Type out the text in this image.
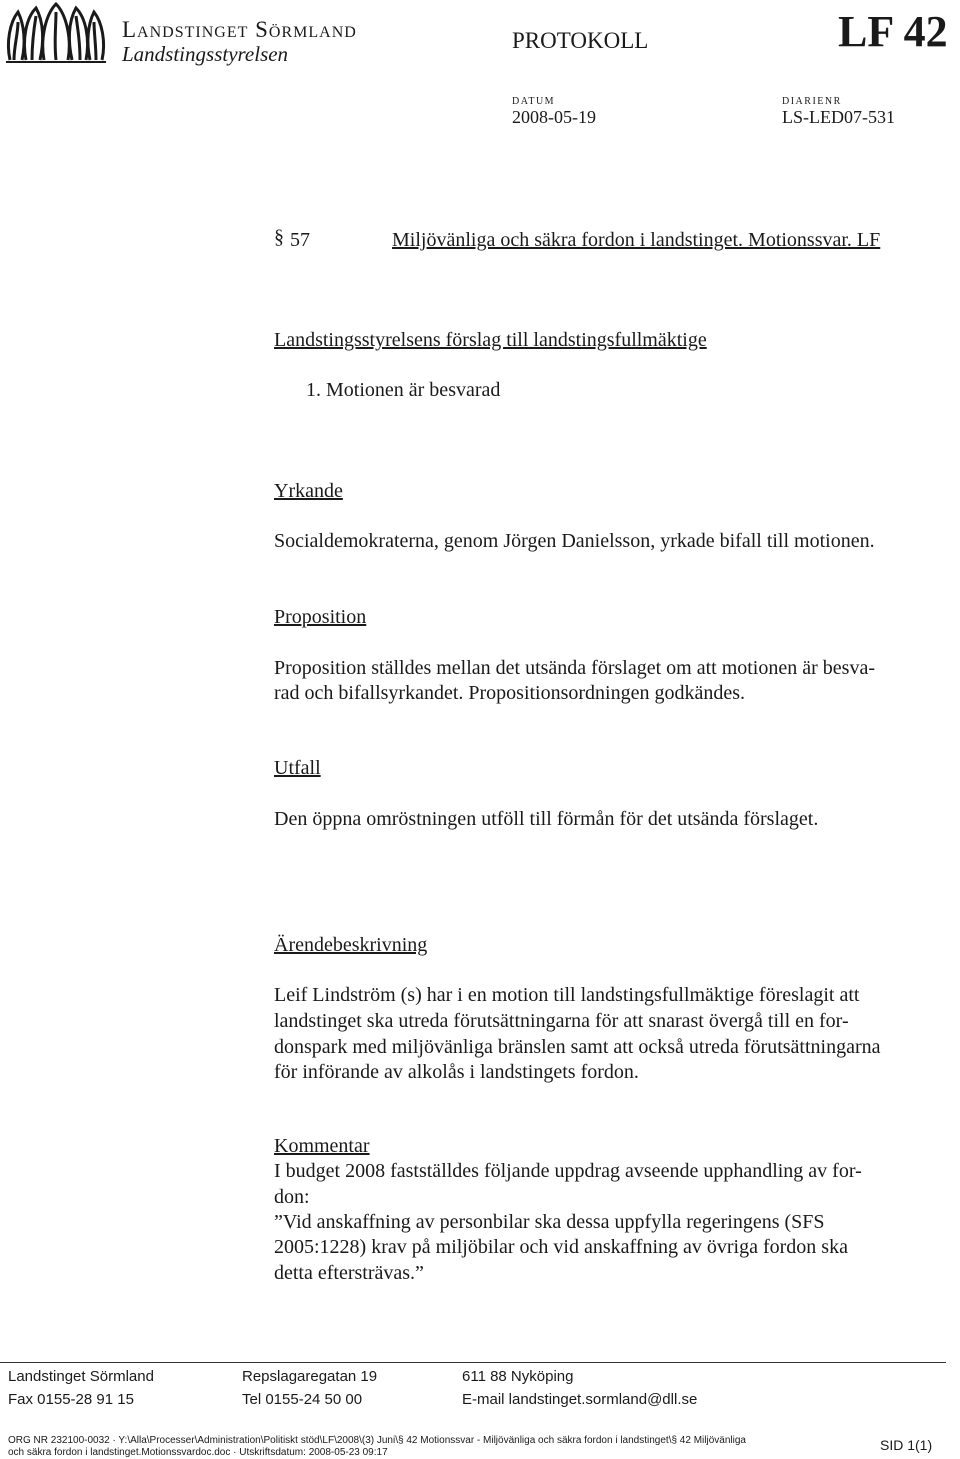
Landstinget Sörmland
Landstingsstyrelsen
PROTOKOLL	LF 42
DATUM	DIARIENR
2008-05-19	LS-LED07-531
§ 57	Miljövänliga och säkra fordon i landstinget. Motionssvar. LF
Landstingsstyrelsens förslag till landstingsfullmäktige
1. Motionen är besvarad
Yrkande
Socialdemokraterna, genom Jörgen Danielsson, yrkade bifall till motionen.
Proposition
Proposition ställdes mellan det utsända förslaget om att motionen är besva-
rad och bifallsyrkandet. Propositionsordningen godkändes.
Utfall
Den öppna omröstningen utföll till förmån för det utsända förslaget.
Ärendebeskrivning
Leif Lindström (s) har i en motion till landstingsfullmäktige föreslagit att
landstinget ska utreda förutsättningarna för att snarast övergå till en for-
donspark med miljövänliga bränslen samt att också utreda förutsättningarna
för införande av alkolås i landstingets fordon.
Kommentar
I budget 2008 fastställdes följande uppdrag avseende upphandling av for-
don:
”Vid anskaffning av personbilar ska dessa uppfylla regeringens (SFS
2005:1228) krav på miljöbilar och vid anskaffning av övriga fordon ska
detta eftersträvas.”
Landstinget Sörmland	Repslagaregatan 19	611 88 Nyköping
Fax 0155-28 91 15	Tel 0155-24 50 00	E-mail landstinget.sormland@dll.se
ORG NR 232100-0032 · Y:\Alla\Processer\Administration\Politiskt stöd\LF\2008\(3) Juni\§ 42 Motionssvar - Miljövänliga och säkra fordon i landstinget\§ 42 Miljövänliga
och säkra fordon i landstinget.Motionssvardoc.doc · Utskriftsdatum: 2008-05-23 09:17	SID 1(1)
